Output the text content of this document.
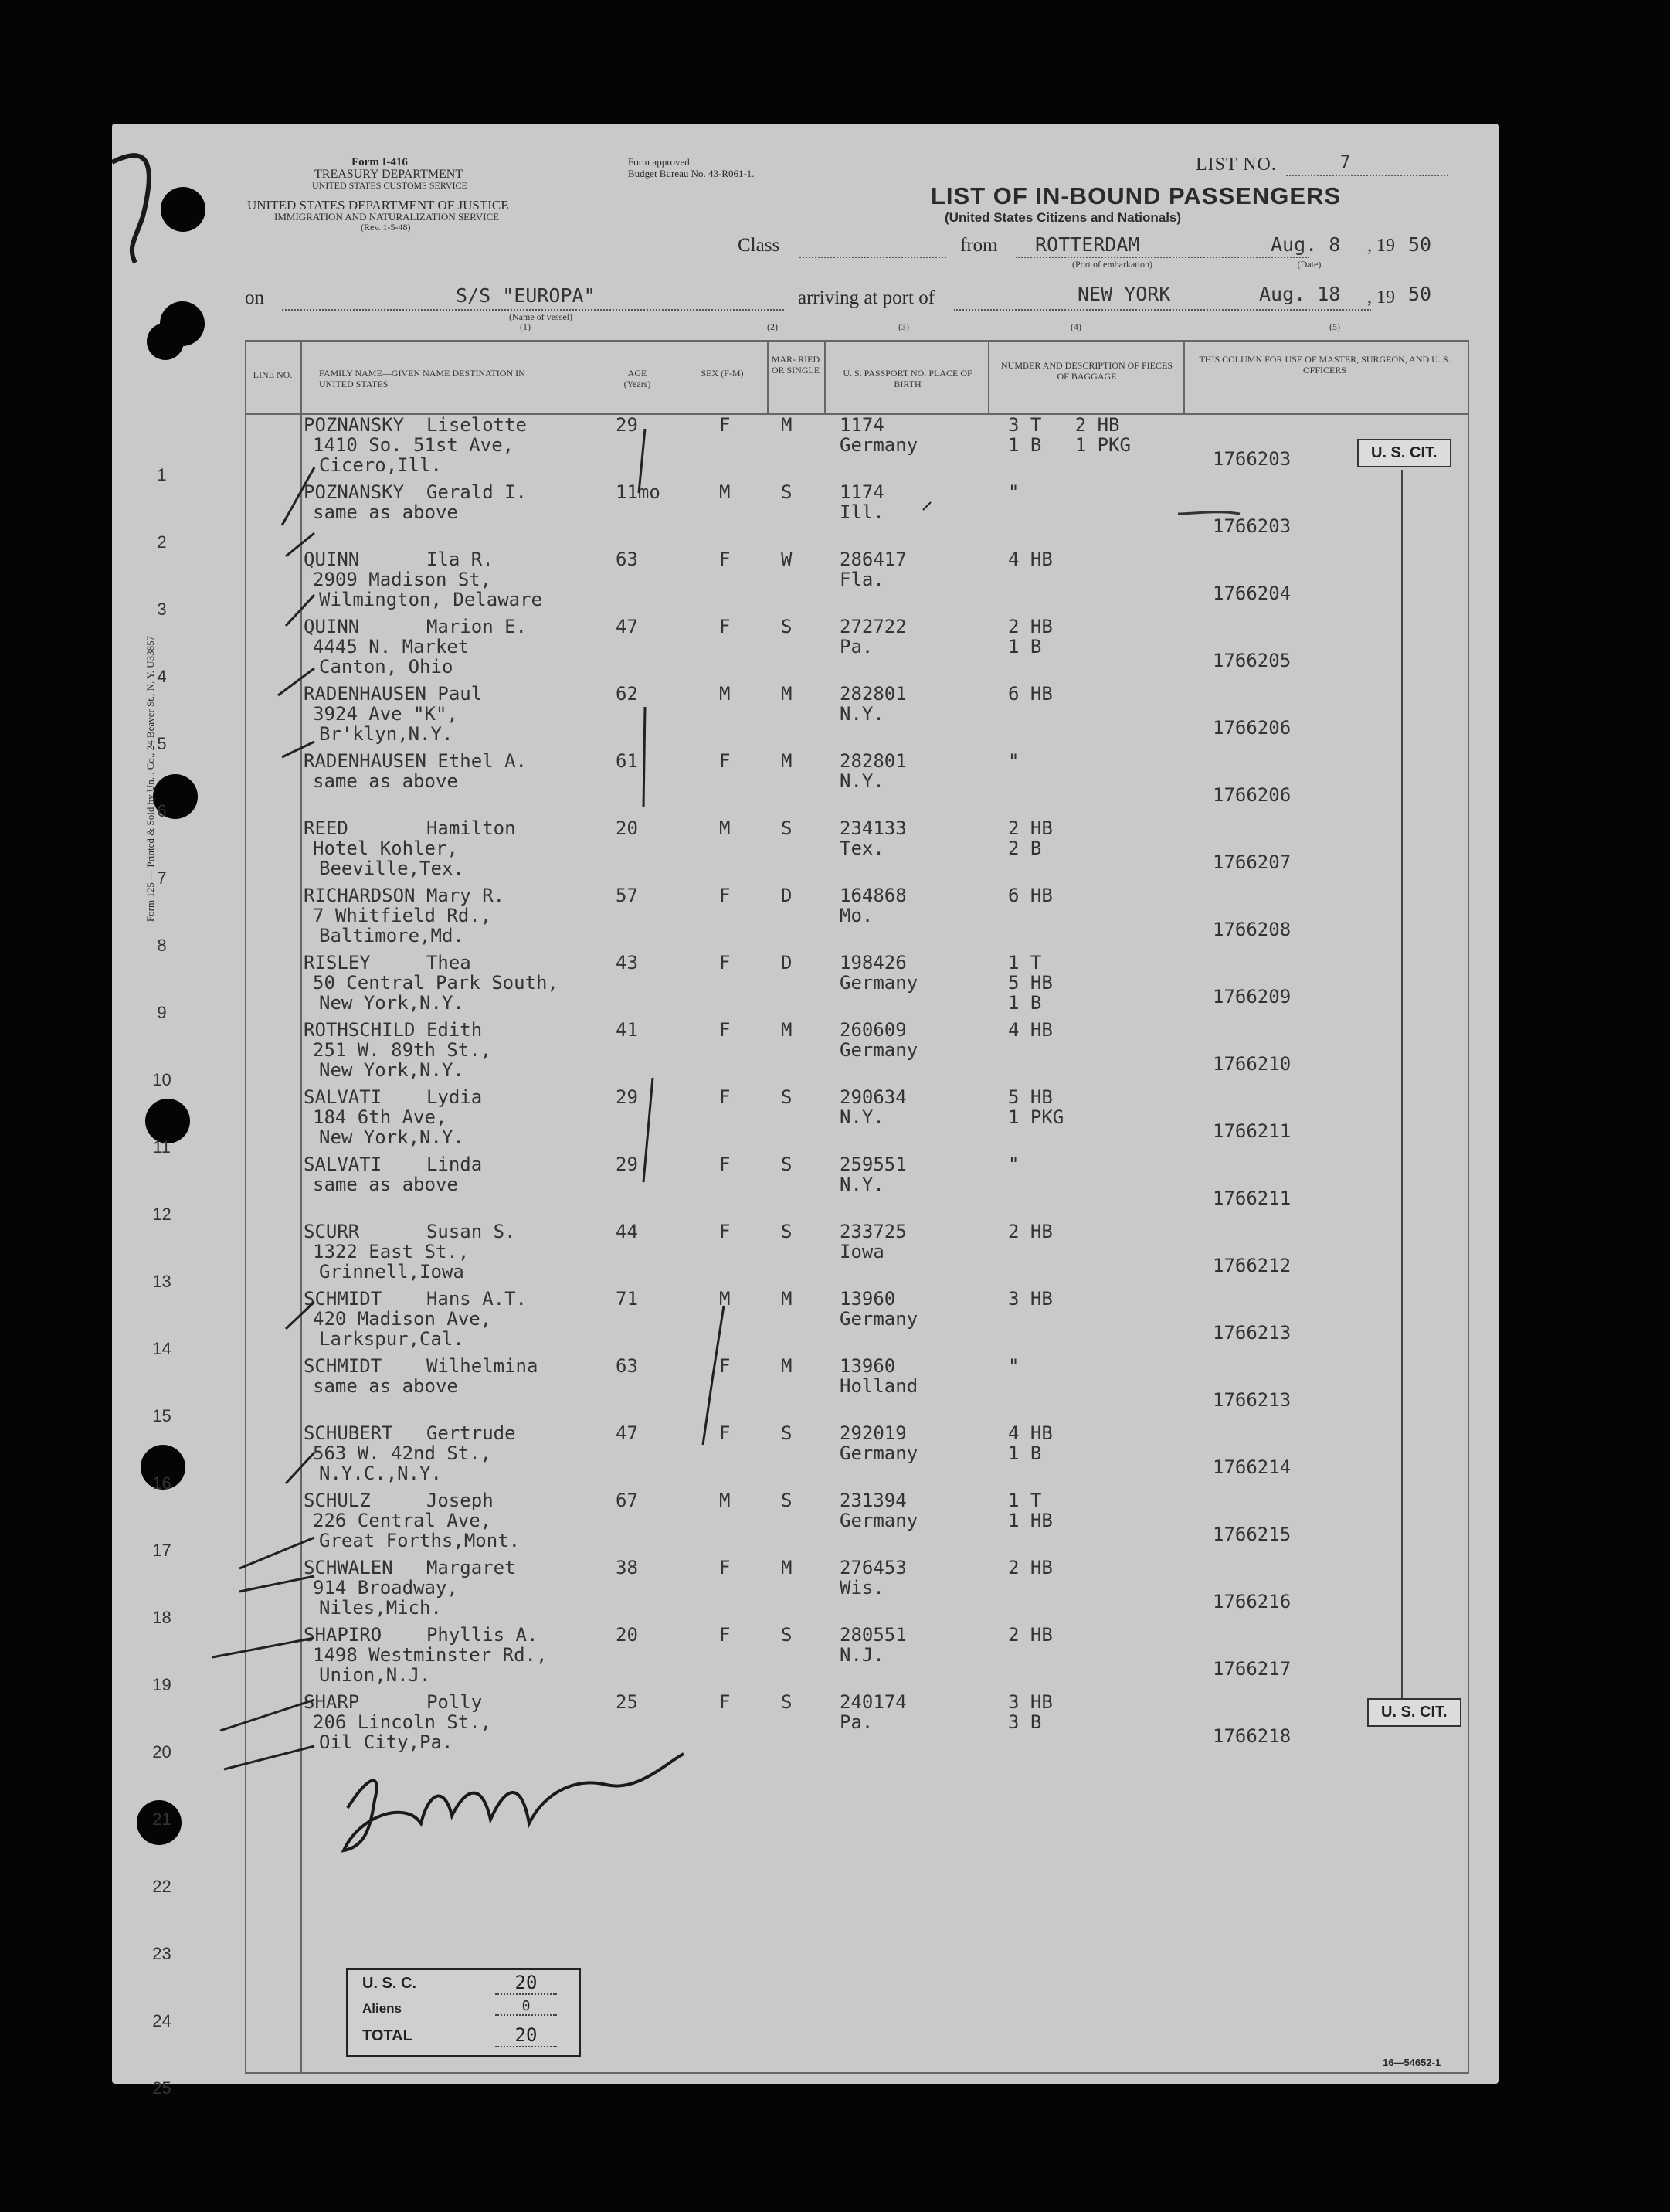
Form I-416
TREASURY DEPARTMENT
UNITED STATES CUSTOMS SERVICE
UNITED STATES DEPARTMENT OF JUSTICE
IMMIGRATION AND NATURALIZATION SERVICE
(Rev. 1-5-48)
Form approved.
Budget Bureau No. 43-R061-1.	LIST NO.	7
LIST OF IN-BOUND PASSENGERS
(United States Citizens and Nationals)
Class	from ROTTERDAM
(Port of embarkation)
Aug. 8
(Date)
, 19 50
on	S/S "EUROPA"
(Name of vessel)
arriving at port of	NEW YORK	Aug. 18 , 19 50
(1)	(2)	(3)	(4)	(5)
LINE NO.	FAMILY NAME—GIVEN NAME DESTINATION IN UNITED STATES
AGE (Years)
SEX (F-M)
MAR- RIED OR SINGLE	U. S. PASSPORT NO. PLACE OF BIRTH
NUMBER AND DESCRIPTION OF PIECES OF BAGGAGE
THIS COLUMN FOR USE OF MASTER, SURGEON, AND U. S. OFFICERS
1
POZNANSKY  Liselotte
1410 So. 51st Ave,
Cicero,Ill.
29	F	M	1174
Germany
3 T   2 HB
1 B   1 PKG
1766203
2
POZNANSKY  Gerald I.
same as above
11mo	M	S	1174
Ill.
"
1766203
3
QUINN      Ila R.
2909 Madison St,
Wilmington, Delaware
63	F	W	286417
Fla.
4 HB
1766204
4
QUINN      Marion E.
4445 N. Market
Canton, Ohio
47	F	S	272722
Pa.
2 HB
1 B
1766205
5
RADENHAUSEN Paul
3924 Ave "K",
Br'klyn,N.Y.
62	M	M	282801
N.Y.
6 HB
1766206
6
RADENHAUSEN Ethel A.
same as above
61	F	M	282801
N.Y.
"
1766206
7
REED       Hamilton
Hotel Kohler,
Beeville,Tex.
20	M	S	234133
Tex.
2 HB
2 B
1766207
8
RICHARDSON Mary R.
7 Whitfield Rd.,
Baltimore,Md.
57	F	D	164868
Mo.
6 HB
1766208
9
RISLEY     Thea
50 Central Park South,
New York,N.Y.
43	F	D	198426
Germany
1 T
5 HB
1 B	1766209
10
ROTHSCHILD Edith
251 W. 89th St.,
New York,N.Y.
41	F	M	260609
Germany
4 HB
1766210
11
SALVATI    Lydia
184 6th Ave,
New York,N.Y.
29	F	S	290634
N.Y.
5 HB
1 PKG
1766211
12
SALVATI    Linda
same as above
29	F	S	259551
N.Y.
"
1766211
13
SCURR      Susan S.
1322 East St.,
Grinnell,Iowa
44	F	S	233725
Iowa
2 HB
1766212
14
SCHMIDT    Hans A.T.
420 Madison Ave,
Larkspur,Cal.
71	M	M	13960
Germany
3 HB
1766213
15
SCHMIDT    Wilhelmina
same as above
63	F	M	13960
Holland
"
1766213
16
SCHUBERT   Gertrude
563 W. 42nd St.,
N.Y.C.,N.Y.
47	F	S	292019
Germany
4 HB
1 B
1766214
17
SCHULZ     Joseph
226 Central Ave,
Great Forths,Mont.
67	M	S	231394
Germany
1 T
1 HB
1766215
18
SCHWALEN   Margaret
914 Broadway,
Niles,Mich.
38	F	M	276453
Wis.
2 HB
1766216
19
SHAPIRO    Phyllis A.
1498 Westminster Rd.,
Union,N.J.
20	F	S	280551
N.J.
2 HB
1766217
20
SHARP      Polly
206 Lincoln St.,
Oil City,Pa.
25	F	S	240174
Pa.
3 HB
3 B
1766218
21
22
23
24
25
U. S. CIT.
U. S. CIT.
U. S. C.	20
Aliens	0
TOTAL	20
Form 125 — Printed & Sold by Un... Co., 24 Beaver St., N. Y. U33857
16—54652-1
